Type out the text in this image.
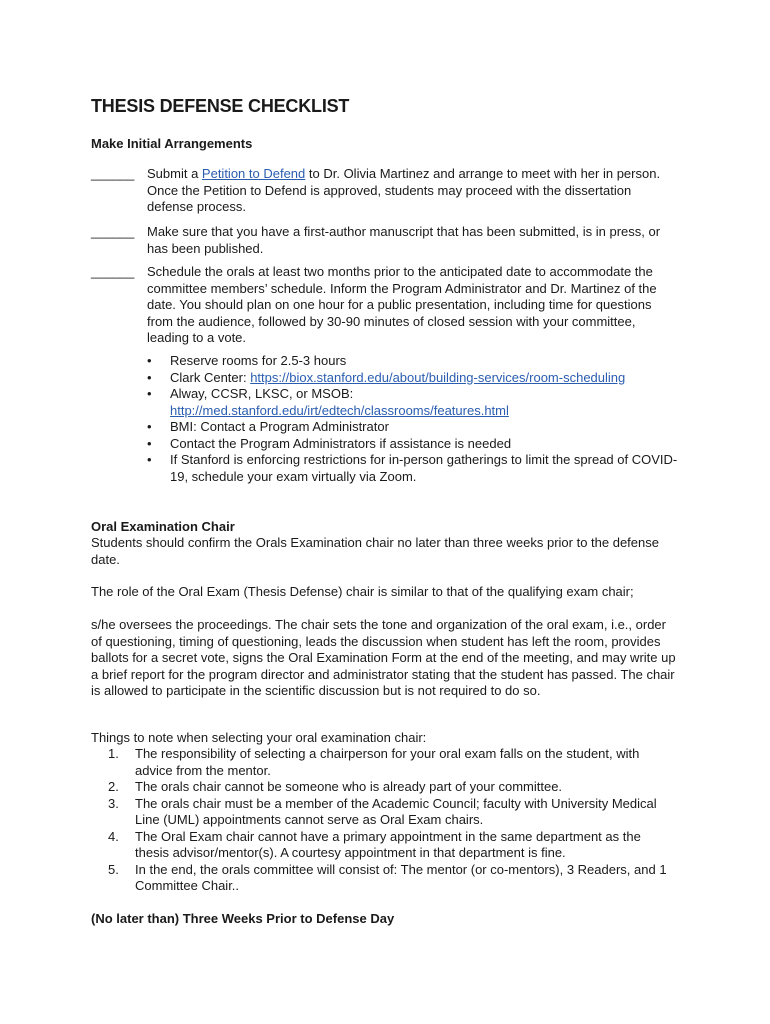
THESIS DEFENSE CHECKLIST
Make Initial Arrangements
______ Submit a Petition to Defend to Dr. Olivia Martinez and arrange to meet with her in person. Once the Petition to Defend is approved, students may proceed with the dissertation defense process.
______ Make sure that you have a first-author manuscript that has been submitted, is in press, or has been published.
______ Schedule the orals at least two months prior to the anticipated date to accommodate the committee members’ schedule. Inform the Program Administrator and Dr. Martinez of the date. You should plan on one hour for a public presentation, including time for questions from the audience, followed by 30-90 minutes of closed session with your committee, leading to a vote.
• Reserve rooms for 2.5-3 hours
• Clark Center: https://biox.stanford.edu/about/building-services/room-scheduling
• Alway, CCSR, LKSC, or MSOB:
http://med.stanford.edu/irt/edtech/classrooms/features.html
• BMI: Contact a Program Administrator
• Contact the Program Administrators if assistance is needed
• If Stanford is enforcing restrictions for in-person gatherings to limit the spread of COVID-19, schedule your exam virtually via Zoom.
Oral Examination Chair

Students should confirm the Orals Examination chair no later than three weeks prior to the defense date.

The role of the Oral Exam (Thesis Defense) chair is similar to that of the qualifying exam chair;

s/he oversees the proceedings. The chair sets the tone and organization of the oral exam, i.e., order of questioning, timing of questioning, leads the discussion when student has left the room, provides ballots for a secret vote, signs the Oral Examination Form at the end of the meeting, and may write up a brief report for the program director and administrator stating that the student has passed. The chair is allowed to participate in the scientific discussion but is not required to do so.

Things to note when selecting your oral examination chair:

1. The responsibility of selecting a chairperson for your oral exam falls on the student, with advice from the mentor.
2. The orals chair cannot be someone who is already part of your committee.
3. The orals chair must be a member of the Academic Council; faculty with University Medical Line (UML) appointments cannot serve as Oral Exam chairs.
4. The Oral Exam chair cannot have a primary appointment in the same department as the thesis advisor/mentor(s). A courtesy appointment in that department is fine.
5. In the end, the orals committee will consist of: The mentor (or co-mentors), 3 Readers, and 1 Committee Chair..
(No later than) Three Weeks Prior to Defense Day
